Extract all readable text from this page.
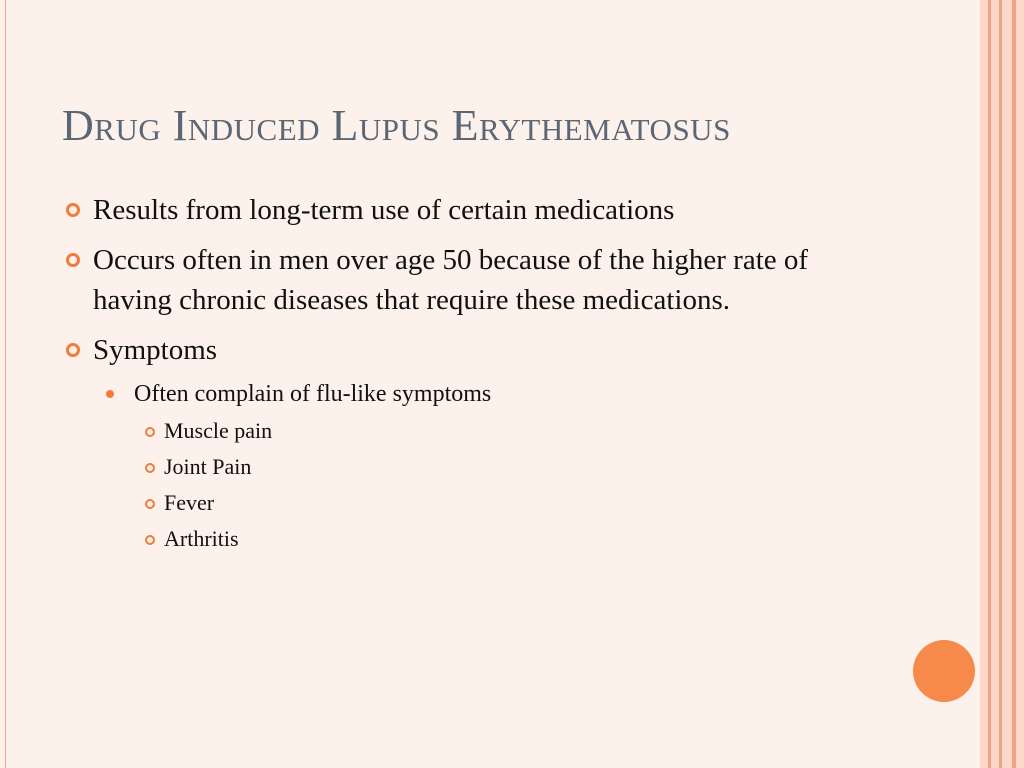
Drug Induced Lupus Erythematosus
Results from long-term use of certain medications
Occurs often in men over age 50 because of the higher rate of having chronic diseases that require these medications.
Symptoms
Often complain of flu-like symptoms
Muscle pain
Joint Pain
Fever
Arthritis
